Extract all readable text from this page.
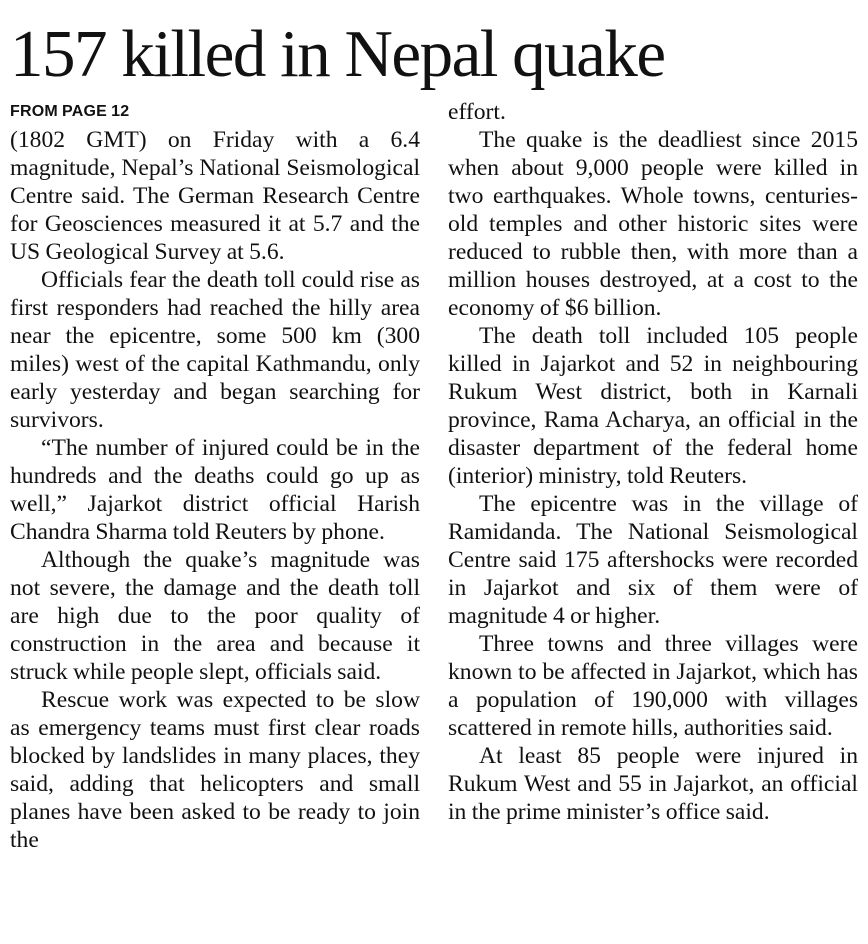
157 killed in Nepal quake
FROM PAGE 12

(1802 GMT) on Friday with a 6.4 magnitude, Nepal’s National Seismological Centre said. The German Research Centre for Geosciences measured it at 5.7 and the US Geological Survey at 5.6.

Officials fear the death toll could rise as first responders had reached the hilly area near the epicentre, some 500 km (300 miles) west of the capital Kathmandu, only early yesterday and began searching for survivors.

“The number of injured could be in the hundreds and the deaths could go up as well,” Jajarkot district official Harish Chandra Sharma told Reuters by phone.

Although the quake’s magnitude was not severe, the damage and the death toll are high due to the poor quality of construction in the area and because it struck while people slept, officials said.

Rescue work was expected to be slow as emergency teams must first clear roads blocked by landslides in many places, they said, adding that helicopters and small planes have been asked to be ready to join the

effort.

The quake is the deadliest since 2015 when about 9,000 people were killed in two earthquakes. Whole towns, centuries-old temples and other historic sites were reduced to rubble then, with more than a million houses destroyed, at a cost to the economy of $6 billion.

The death toll included 105 people killed in Jajarkot and 52 in neighbouring Rukum West district, both in Karnali province, Rama Acharya, an official in the disaster department of the federal home (interior) ministry, told Reuters.

The epicentre was in the village of Ramidanda. The National Seismological Centre said 175 aftershocks were recorded in Jajarkot and six of them were of magnitude 4 or higher.

Three towns and three villages were known to be affected in Jajarkot, which has a population of 190,000 with villages scattered in remote hills, authorities said.

At least 85 people were injured in Rukum West and 55 in Jajarkot, an official in the prime minister’s office said.
